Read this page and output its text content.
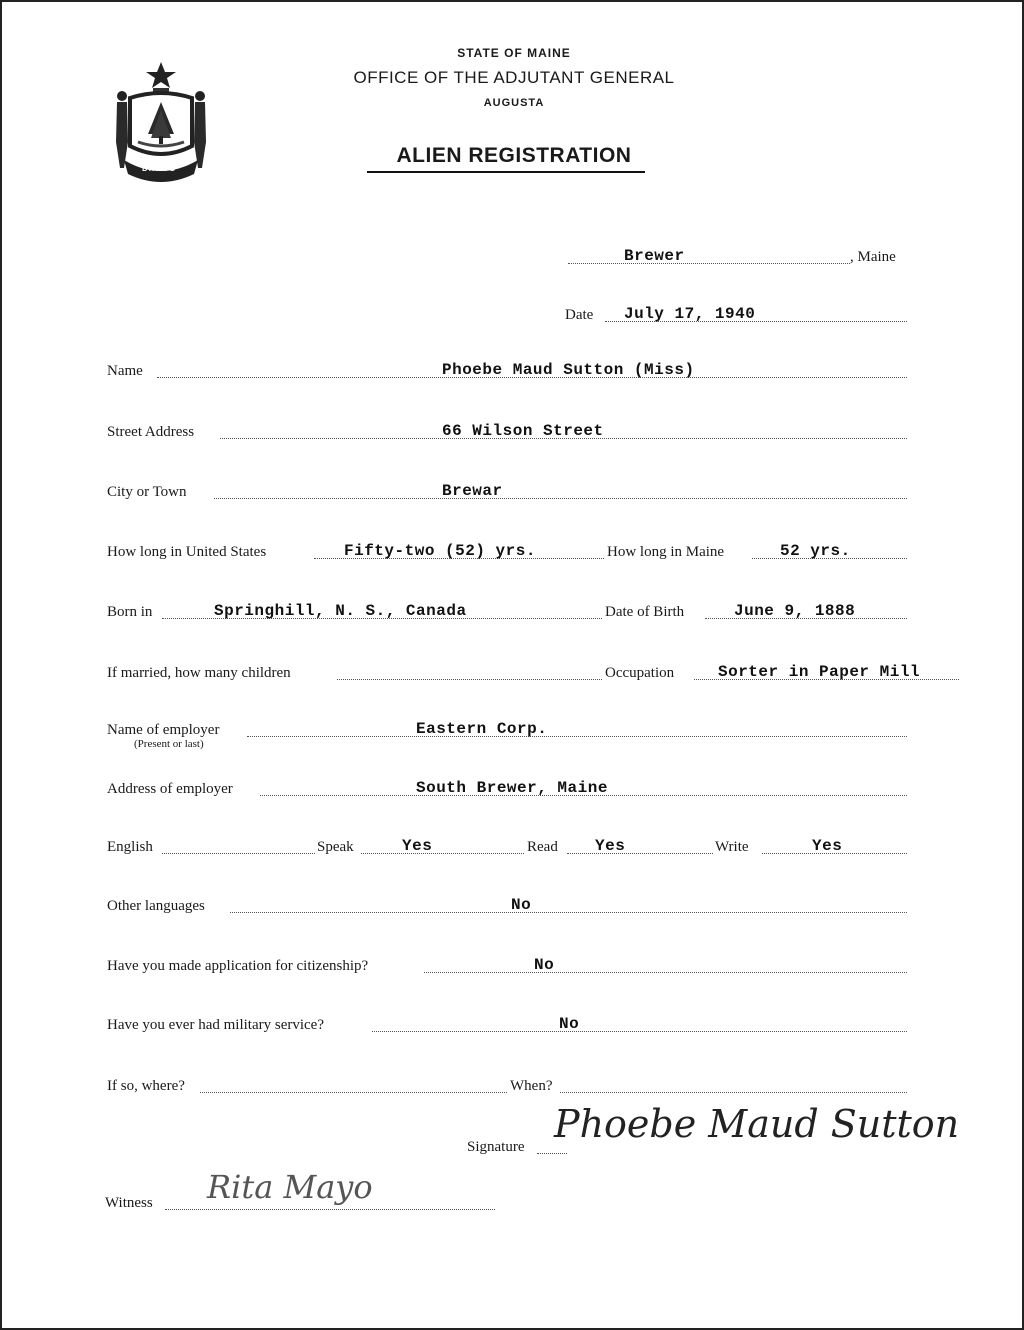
DIRIGO
STATE OF MAINE
OFFICE OF THE ADJUTANT GENERAL
AUGUSTA
ALIEN REGISTRATION
Brewer	, Maine
Date July 17, 1940
Name	Phoebe Maud Sutton (Miss)
Street Address	66 Wilson Street
City or Town	Brewar
How long in United States	Fifty-two (52) yrs.	How long in Maine	52 yrs.
Born in	Springhill, N. S., Canada	Date of Birth	June 9, 1888
If married, how many children	Occupation	Sorter in Paper Mill
Name of employer	Eastern Corp.
(Present or last)
Address of employer	South Brewer, Maine
English	Speak	Yes	Read Yes	Write	Yes
Other languages	No
Have you made application for citizenship?	No
Have you ever had military service?	No
If so, where?	When?
Signature
Phoebe Maud Sutton
Witness Rita Mayo
